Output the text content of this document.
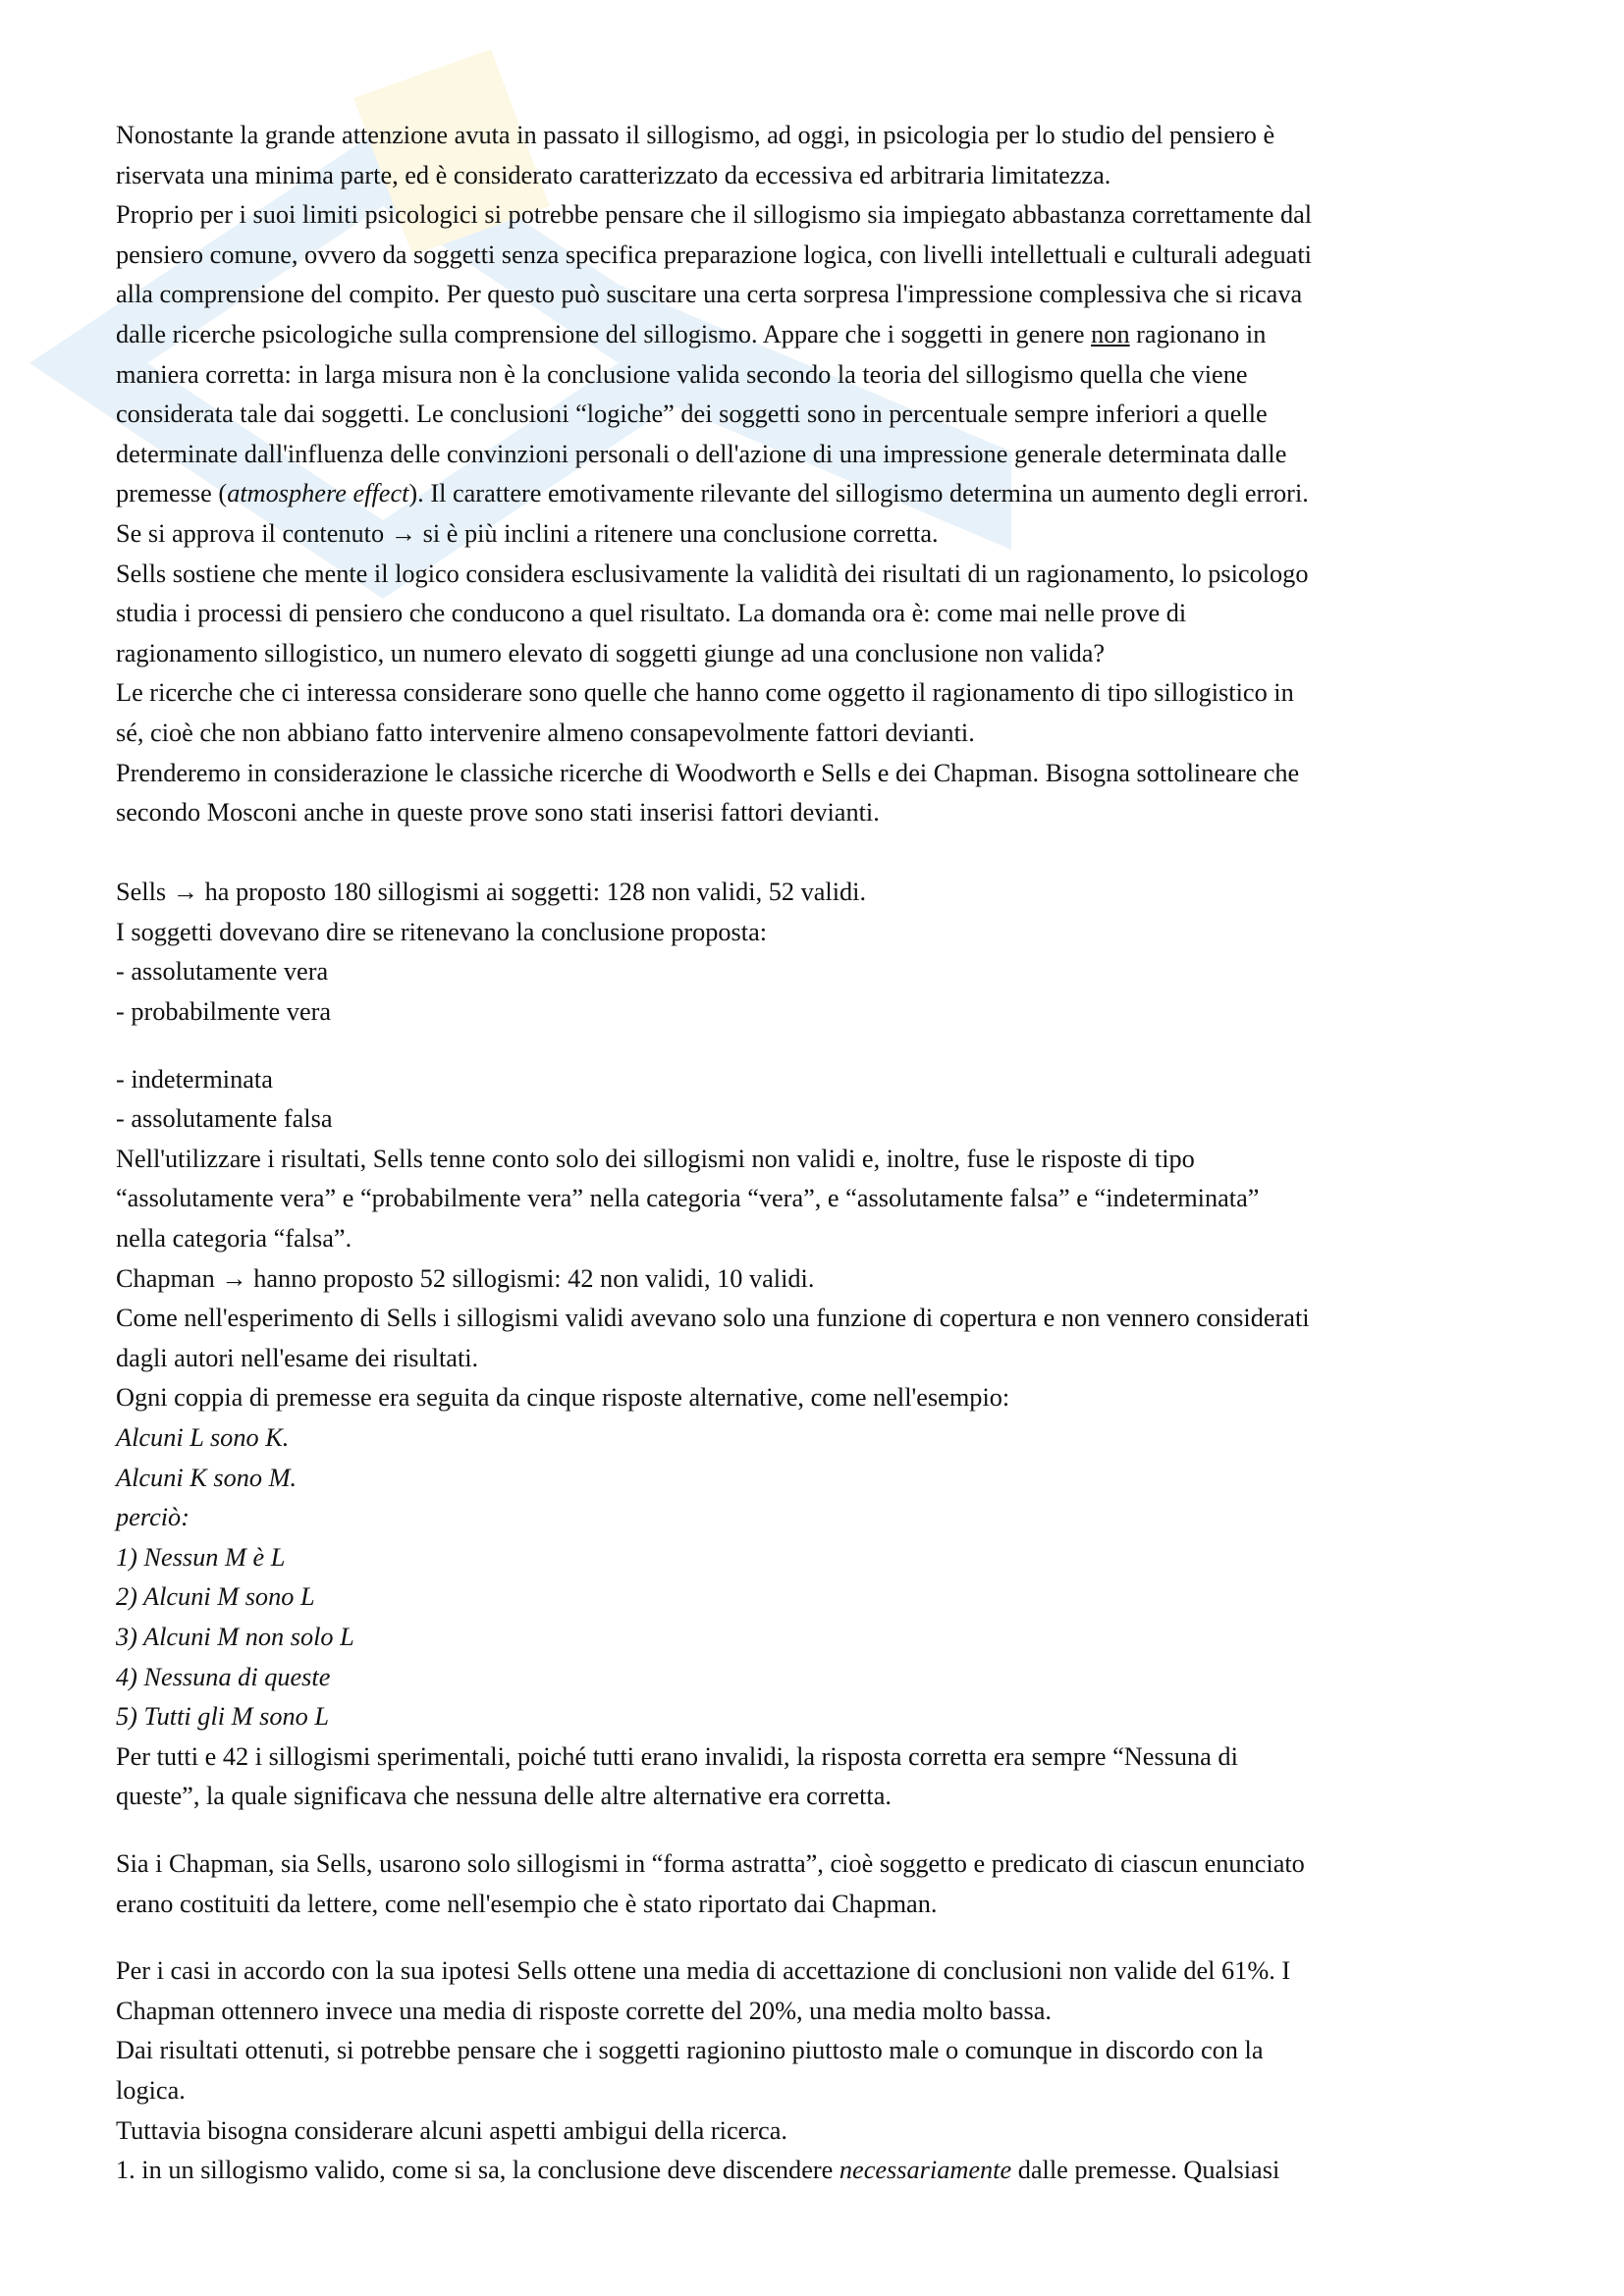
Nonostante la grande attenzione avuta in passato il sillogismo, ad oggi, in psicologia per lo studio del pensiero è
riservata una minima parte, ed è considerato caratterizzato da eccessiva ed arbitraria limitatezza.
Proprio per i suoi limiti psicologici si potrebbe pensare che il sillogismo sia impiegato abbastanza correttamente dal
pensiero comune, ovvero da soggetti senza specifica preparazione logica, con livelli intellettuali e culturali adeguati
alla comprensione del compito. Per questo può suscitare una certa sorpresa l'impressione complessiva che si ricava
dalle ricerche psicologiche sulla comprensione del sillogismo. Appare che i soggetti in genere non ragionano in
maniera corretta: in larga misura non è la conclusione valida secondo la teoria del sillogismo quella che viene
considerata tale dai soggetti. Le conclusioni “logiche” dei soggetti sono in percentuale sempre inferiori a quelle
determinate dall'influenza delle convinzioni personali o dell'azione di una impressione generale determinata dalle
premesse (atmosphere effect). Il carattere emotivamente rilevante del sillogismo determina un aumento degli errori.
Se si approva il contenuto → si è più inclini a ritenere una conclusione corretta.
Sells sostiene che mente il logico considera esclusivamente la validità dei risultati di un ragionamento, lo psicologo
studia i processi di pensiero che conducono a quel risultato. La domanda ora è: come mai nelle prove di
ragionamento sillogistico, un numero elevato di soggetti giunge ad una conclusione non valida?
Le ricerche che ci interessa considerare sono quelle che hanno come oggetto il ragionamento di tipo sillogistico in
sé, cioè che non abbiano fatto intervenire almeno consapevolmente fattori devianti.
Prenderemo in considerazione le classiche ricerche di Woodworth e Sells e dei Chapman. Bisogna sottolineare che
secondo Mosconi anche in queste prove sono stati inserisi fattori devianti.
Sells → ha proposto 180 sillogismi ai soggetti: 128 non validi, 52 validi.
I soggetti dovevano dire se ritenevano la conclusione proposta:
- assolutamente vera
- probabilmente vera
- indeterminata
- assolutamente falsa
Nell'utilizzare i risultati, Sells tenne conto solo dei sillogismi non validi e, inoltre, fuse le risposte di tipo
“assolutamente vera” e “probabilmente vera” nella categoria “vera”, e “assolutamente falsa” e “indeterminata”
nella categoria “falsa”.
Chapman → hanno proposto 52 sillogismi: 42 non validi, 10 validi.
Come nell'esperimento di Sells i sillogismi validi avevano solo una funzione di copertura e non vennero considerati
dagli autori nell'esame dei risultati.
Ogni coppia di premesse era seguita da cinque risposte alternative, come nell'esempio:
Alcuni L sono K.
Alcuni K sono M.
perciò:
1) Nessun M è L
2) Alcuni M sono L
3) Alcuni M non solo L
4) Nessuna di queste
5) Tutti gli M sono L
Per tutti e 42 i sillogismi sperimentali, poiché tutti erano invalidi, la risposta corretta era sempre “Nessuna di
queste”, la quale significava che nessuna delle altre alternative era corretta.
Sia i Chapman, sia Sells, usarono solo sillogismi in “forma astratta”, cioè soggetto e predicato di ciascun enunciato
erano costituiti da lettere, come nell'esempio che è stato riportato dai Chapman.
Per i casi in accordo con la sua ipotesi Sells ottene una media di accettazione di conclusioni non valide del 61%. I
Chapman ottennero invece una media di risposte corrette del 20%, una media molto bassa.
Dai risultati ottenuti, si potrebbe pensare che i soggetti ragionino piuttosto male o comunque in discordo con la
logica.
Tuttavia bisogna considerare alcuni aspetti ambigui della ricerca.
1. in un sillogismo valido, come si sa, la conclusione deve discendere necessariamente dalle premesse. Qualsiasi
